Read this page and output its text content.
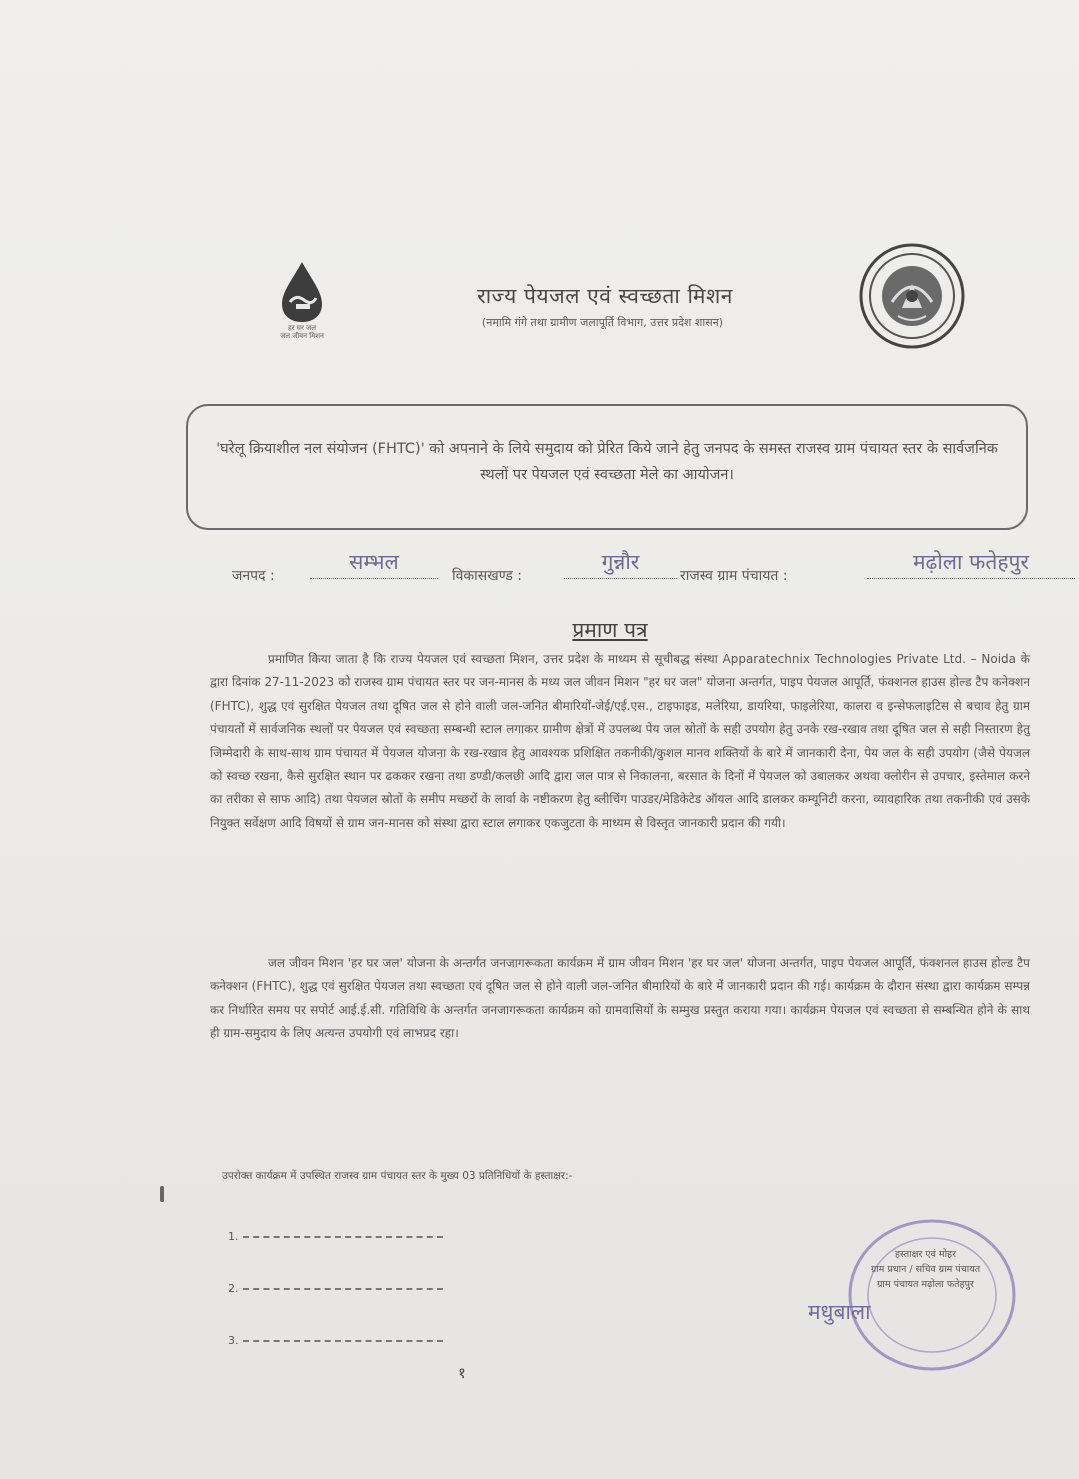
हर घर जल
जल जीवन मिशन
राज्य पेयजल एवं स्वच्छता मिशन
(नमामि गंगे तथा ग्रामीण जलापूर्ति विभाग, उत्तर प्रदेश शासन)
'घरेलू क्रियाशील नल संयोजन (FHTC)' को अपनाने के लिये समुदाय को प्रेरित किये जाने हेतु जनपद के समस्त राजस्व ग्राम पंचायत स्तर के सार्वजनिक स्थलों पर पेयजल एवं स्वच्छता मेले का आयोजन।
जनपद :
सम्भल
विकासखण्ड :
गुन्नौर
राजस्व ग्राम पंचायत :
मढ़ोला फतेहपुर
प्रमाण पत्र

प्रमाणित किया जाता है कि राज्य पेयजल एवं स्वच्छता मिशन, उत्तर प्रदेश के माध्यम से सूचीबद्ध संस्था Apparatechnix Technologies Private Ltd. – Noida के द्वारा दिनांक 27-11-2023 को राजस्व ग्राम पंचायत स्तर पर जन-मानस के मध्य जल जीवन मिशन "हर घर जल" योजना अन्तर्गत, पाइप पेयजल आपूर्ति, फंक्शनल हाउस होल्ड टैप कनेक्शन (FHTC), शुद्ध एवं सुरक्षित पेयजल तथा दूषित जल से होने वाली जल-जनित बीमारियों-जेई/एई.एस., टाइफाइड, मलेरिया, डायरिया, फाइलेरिया, कालरा व इन्सेफलाइटिस से बचाव हेतु ग्राम पंचायतों में सार्वजनिक स्थलों पर पेयजल एवं स्वच्छता सम्बन्धी स्टाल लगाकर ग्रामीण क्षेत्रों में उपलब्ध पेय जल स्रोतों के सही उपयोग हेतु उनके रख-रखाव तथा दूषित जल से सही निस्तारण हेतु जिम्मेदारी के साथ-साथ ग्राम पंचायत में पेयजल योजना के रख-रखाव हेतु आवश्यक प्रशिक्षित तकनीकी/कुशल मानव शक्तियों के बारे में जानकारी देना, पेय जल के सही उपयोग (जैसे पेयजल को स्वच्छ रखना, कैसे सुरक्षित स्थान पर ढककर रखना तथा डण्डी/कलछी आदि द्वारा जल पात्र से निकालना, बरसात के दिनों में पेयजल को उबालकर अथवा क्लोरीन से उपचार, इस्तेमाल करने का तरीका से साफ आदि) तथा पेयजल स्रोतों के समीप मच्छरों के लार्वा के नष्टीकरण हेतु ब्लीचिंग पाउडर/मेडिकेटेड ऑयल आदि डालकर कम्यूनिटी करना, व्यावहारिक तथा तकनीकी एवं उसके नियुक्त सर्वेक्षण आदि विषयों से ग्राम जन-मानस को संस्था द्वारा स्टाल लगाकर एकजुटता के माध्यम से विस्तृत जानकारी प्रदान की गयी।

जल जीवन मिशन 'हर घर जल' योजना के अन्तर्गत जनजागरूकता कार्यक्रम में ग्राम जीवन मिशन 'हर घर जल' योजना अन्तर्गत, पाइप पेयजल आपूर्ति, फंक्शनल हाउस होल्ड टैप कनेक्शन (FHTC), शुद्ध एवं सुरक्षित पेयजल तथा स्वच्छता एवं दूषित जल से होने वाली जल-जनित बीमारियों के बारे में जानकारी प्रदान की गई। कार्यक्रम के दौरान संस्था द्वारा कार्यक्रम सम्पन्न कर निर्धारित समय पर सपोर्ट आई.ई.सी. गतिविधि के अन्तर्गत जनजागरूकता कार्यक्रम को ग्रामवासियों के सम्मुख प्रस्तुत कराया गया। कार्यक्रम पेयजल एवं स्वच्छता से सम्बन्धित होने के साथ ही ग्राम-समुदाय के लिए अत्यन्त उपयोगी एवं लाभप्रद रहा।

उपरोक्त कार्यक्रम में उपस्थित राजस्व ग्राम पंचायत स्तर के मुख्य 03 प्रतिनिधियों के हस्ताक्षर:-
1.
2.
3.
हस्ताक्षर एवं मोहर
ग्राम प्रधान / सचिव ग्राम पंचायत
ग्राम पंचायत मढ़ोला फतेहपुर
मधुबाला
१
